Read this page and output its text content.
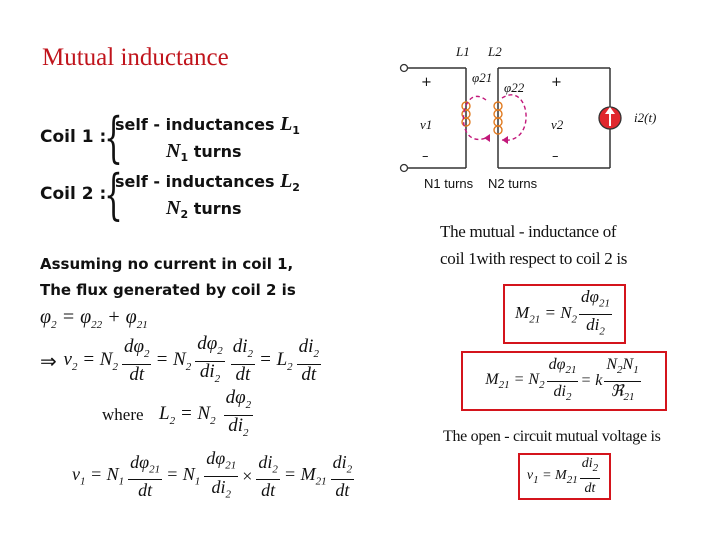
Mutual inductance
Coil 1 :
{
self - inductances $L_1$
$N_1$ turns
Coil 2 :
{
self - inductances $L_2$
$N_2$ turns
Assuming no current in coil 1,
The flux generated by coil 2 is
$\varphi_2 = \varphi_{22} + \varphi_{21}$
⇒ $v_2 = N_2 \frac{d\varphi_2}{dt} = N_2 \frac{d\varphi_2}{di_2} \frac{di_2}{dt} = L_2 \frac{di_2}{dt}$
where $L_2 = N_2 \frac{d\varphi_2}{di_2}$
$v_1 = N_1 \frac{d\varphi_{21}}{dt} = N_1 \frac{d\varphi_{21}}{di_2} \times \frac{di_2}{dt} = M_{21} \frac{di_2}{dt}$
L1 L2
φ21
φ22
+	+
v1	v2
–	–
i2(t)
N1 turns N2 turns
The mutual - inductance of
coil 1with respect to coil 2 is
$M_{21} = N_2 \frac{d\varphi_{21}}{di_2}$
$M_{21} = N_2 \frac{d\varphi_{21}}{di_2} = k \frac{N_2N_1}{ℜ_{21}}$
The open - circuit mutual voltage is
$v_1 = M_{21} \frac{di_2}{dt}$
